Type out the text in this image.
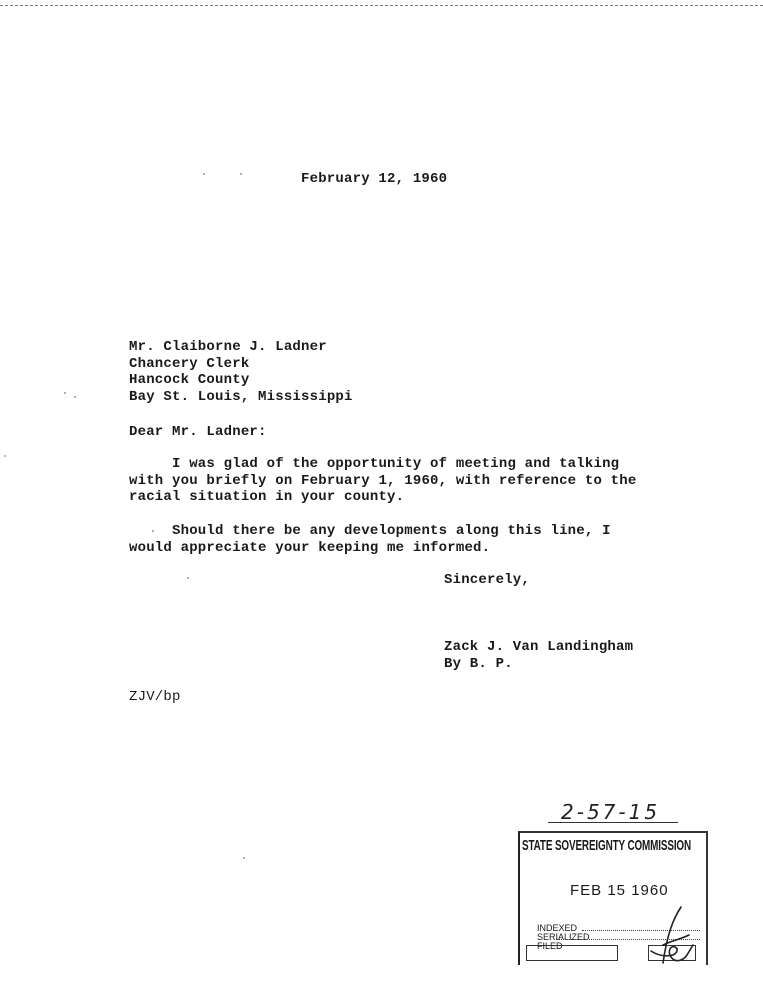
February 12, 1960
Mr. Claiborne J. Ladner
Chancery Clerk
Hancock County
Bay St. Louis, Mississippi
Dear Mr. Ladner:
I was glad of the opportunity of meeting and talking
with you briefly on February 1, 1960, with reference to the
racial situation in your county.
Should there be any developments along this line, I
would appreciate your keeping me informed.
Sincerely,
Zack J. Van Landingham
By B. P.
ZJV/bp
2-57-15
STATE SOVEREIGNTY COMMISSION
FEB 15 1960

INDEXED

SERIALIZED

FILED
